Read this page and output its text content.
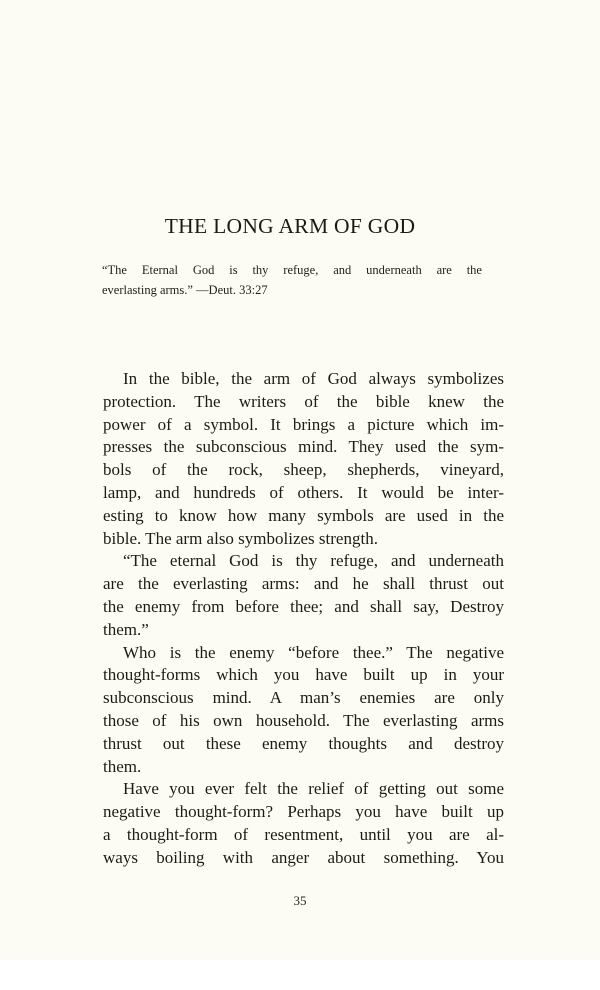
THE LONG ARM OF GOD
“The Eternal God is thy refuge, and underneath are the
everlasting arms.” —Deut. 33:27
In the bible, the arm of God always symbolizes
protection. The writers of the bible knew the
power of a symbol. It brings a picture which im-
presses the subconscious mind. They used the sym-
bols of the rock, sheep, shepherds, vineyard,
lamp, and hundreds of others. It would be inter-
esting to know how many symbols are used in the
bible. The arm also symbolizes strength.
“The eternal God is thy refuge, and underneath
are the everlasting arms: and he shall thrust out
the enemy from before thee; and shall say, Destroy
them.”
Who is the enemy “before thee.” The negative
thought-forms which you have built up in your
subconscious mind. A man’s enemies are only
those of his own household. The everlasting arms
thrust out these enemy thoughts and destroy
them.
Have you ever felt the relief of getting out some
negative thought-form? Perhaps you have built up
a thought-form of resentment, until you are al-
ways boiling with anger about something. You
35
